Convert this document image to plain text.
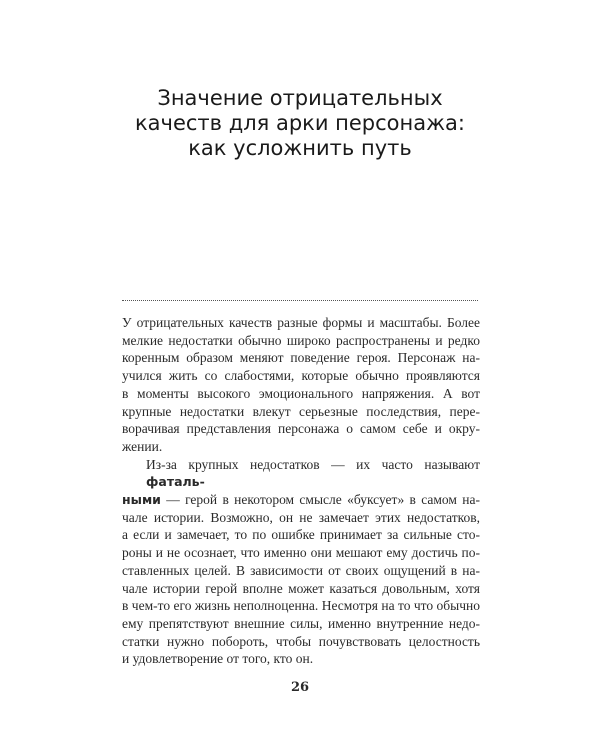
Значение отрицательных
качеств для арки персонажа:
как усложнить путь
У отрицательных качеств разные формы и масштабы. Более
мелкие недостатки обычно широко распространены и редко
коренным образом меняют поведение героя. Персонаж на-
учился жить со слабостями, которые обычно проявляются
в моменты высокого эмоционального напряжения. А вот
крупные недостатки влекут серьезные последствия, пере-
ворачивая представления персонажа о самом себе и окру-
жении.
Из-за крупных недостатков — их часто называют фаталь-
ными — герой в некотором смысле «буксует» в самом на-
чале истории. Возможно, он не замечает этих недостатков,
а если и замечает, то по ошибке принимает за сильные сто-
роны и не осознает, что именно они мешают ему достичь по-
ставленных целей. В зависимости от своих ощущений в на-
чале истории герой вполне может казаться довольным, хотя
в чем-то его жизнь неполноценна. Несмотря на то что обычно
ему препятствуют внешние силы, именно внутренние недо-
статки нужно побороть, чтобы почувствовать целостность
и удовлетворение от того, кто он.
26
